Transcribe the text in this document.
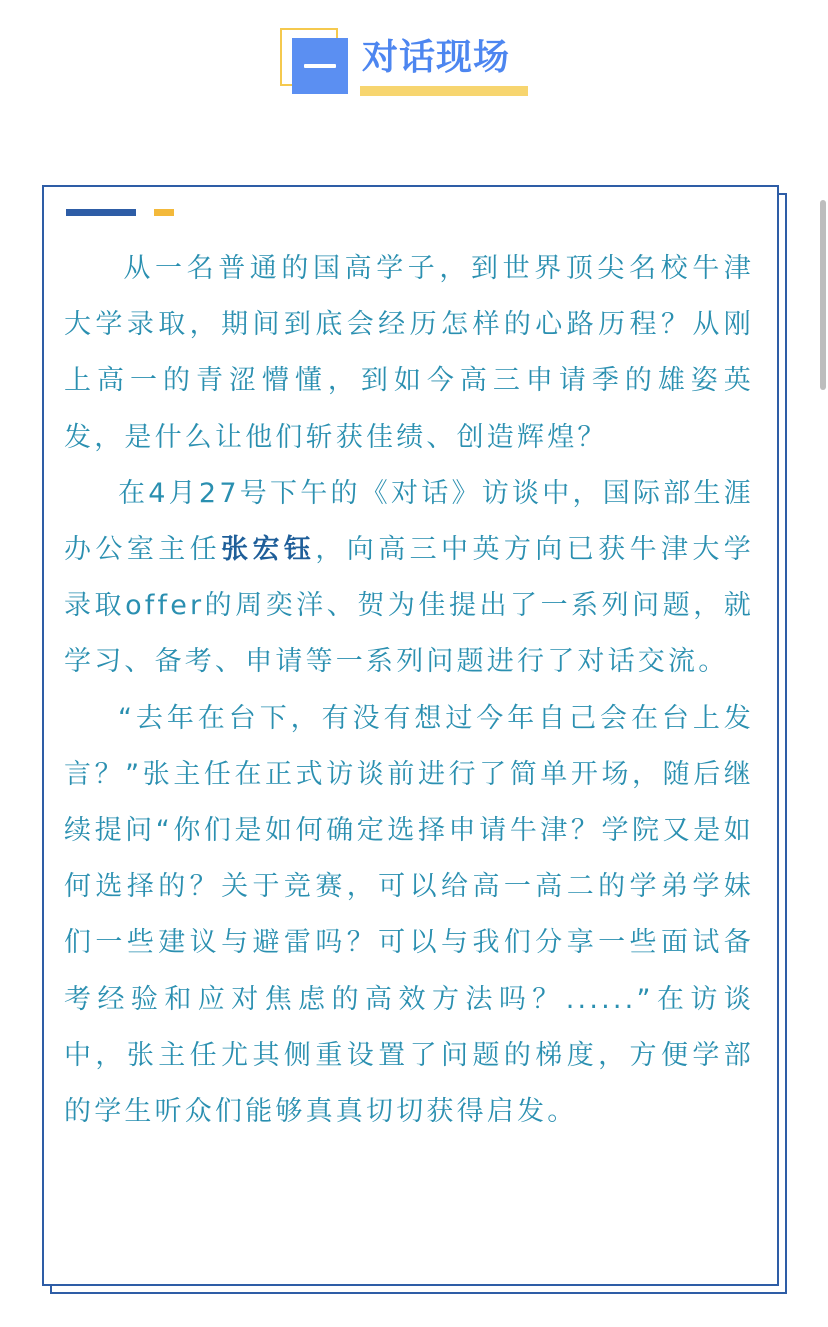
对话现场

从一名普通的国高学子，到世界顶尖名校牛津大学录取，期间到底会经历怎样的心路历程？从刚上高一的青涩懵懂，到如今高三申请季的雄姿英发，是什么让他们斩获佳绩、创造辉煌？

在4月27号下午的《对话》访谈中，国际部生涯办公室主任张宏钰，向高三中英方向已获牛津大学录取offer的周奕洋、贺为佳提出了一系列问题，就学习、备考、申请等一系列问题进行了对话交流。

“去年在台下，有没有想过今年自己会在台上发言？”张主任在正式访谈前进行了简单开场，随后继续提问“你们是如何确定选择申请牛津？学院又是如何选择的？关于竞赛，可以给高一高二的学弟学妹们一些建议与避雷吗？可以与我们分享一些面试备考经验和应对焦虑的高效方法吗？......”在访谈中，张主任尤其侧重设置了问题的梯度，方便学部的学生听众们能够真真切切获得启发。
